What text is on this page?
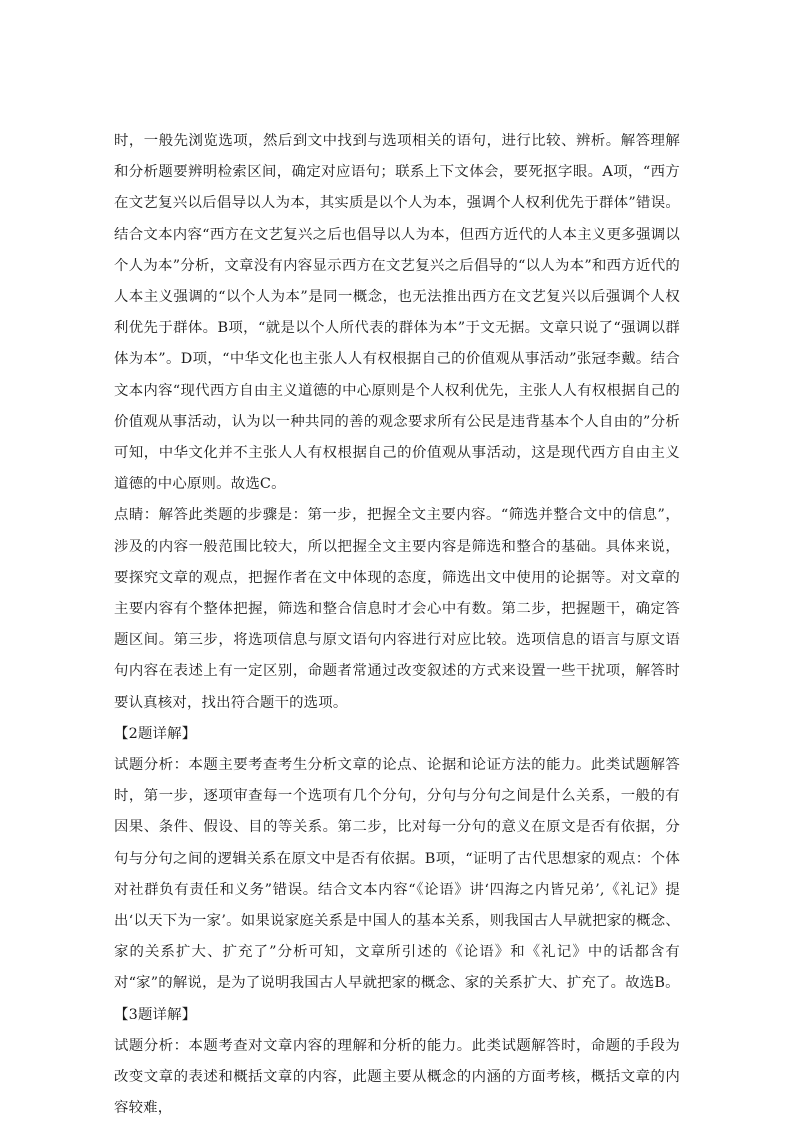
时，一般先浏览选项，然后到文中找到与选项相关的语句，进行比较、辨析。解答理解和分析题要辨明检索区间，确定对应语句；联系上下文体会，要死抠字眼。A项，“西方在文艺复兴以后倡导以人为本，其实质是以个人为本，强调个人权利优先于群体”错误。结合文本内容“西方在文艺复兴之后也倡导以人为本，但西方近代的人本主义更多强调以个人为本”分析，文章没有内容显示西方在文艺复兴之后倡导的“以人为本”和西方近代的人本主义强调的“以个人为本”是同一概念，也无法推出西方在文艺复兴以后强调个人权利优先于群体。B项，“就是以个人所代表的群体为本”于文无据。文章只说了“强调以群体为本”。D项，“中华文化也主张人人有权根据自己的价值观从事活动”张冠李戴。结合文本内容“现代西方自由主义道德的中心原则是个人权利优先，主张人人有权根据自己的价值观从事活动，认为以一种共同的善的观念要求所有公民是违背基本个人自由的”分析可知，中华文化并不主张人人有权根据自己的价值观从事活动，这是现代西方自由主义道德的中心原则。故选C。

点睛：解答此类题的步骤是：第一步，把握全文主要内容。“筛选并整合文中的信息”，涉及的内容一般范围比较大，所以把握全文主要内容是筛选和整合的基础。具体来说，要探究文章的观点，把握作者在文中体现的态度，筛选出文中使用的论据等。对文章的主要内容有个整体把握，筛选和整合信息时才会心中有数。第二步，把握题干，确定答题区间。第三步，将选项信息与原文语句内容进行对应比较。选项信息的语言与原文语句内容在表述上有一定区别，命题者常通过改变叙述的方式来设置一些干扰项，解答时要认真核对，找出符合题干的选项。

【2题详解】

试题分析：本题主要考查考生分析文章的论点、论据和论证方法的能力。此类试题解答时，第一步，逐项审查每一个选项有几个分句，分句与分句之间是什么关系，一般的有因果、条件、假设、目的等关系。第二步，比对每一分句的意义在原文是否有依据，分句与分句之间的逻辑关系在原文中是否有依据。B项，“证明了古代思想家的观点：个体对社群负有责任和义务”错误。结合文本内容“《论语》讲‘四海之内皆兄弟’,《礼记》提出‘以天下为一家’。如果说家庭关系是中国人的基本关系，则我国古人早就把家的概念、家的关系扩大、扩充了”分析可知，文章所引述的《论语》和《礼记》中的话都含有对“家”的解说，是为了说明我国古人早就把家的概念、家的关系扩大、扩充了。故选B。

【3题详解】

试题分析：本题考查对文章内容的理解和分析的能力。此类试题解答时，命题的手段为改变文章的表述和概括文章的内容，此题主要从概念的内涵的方面考核，概括文章的内容较难，
